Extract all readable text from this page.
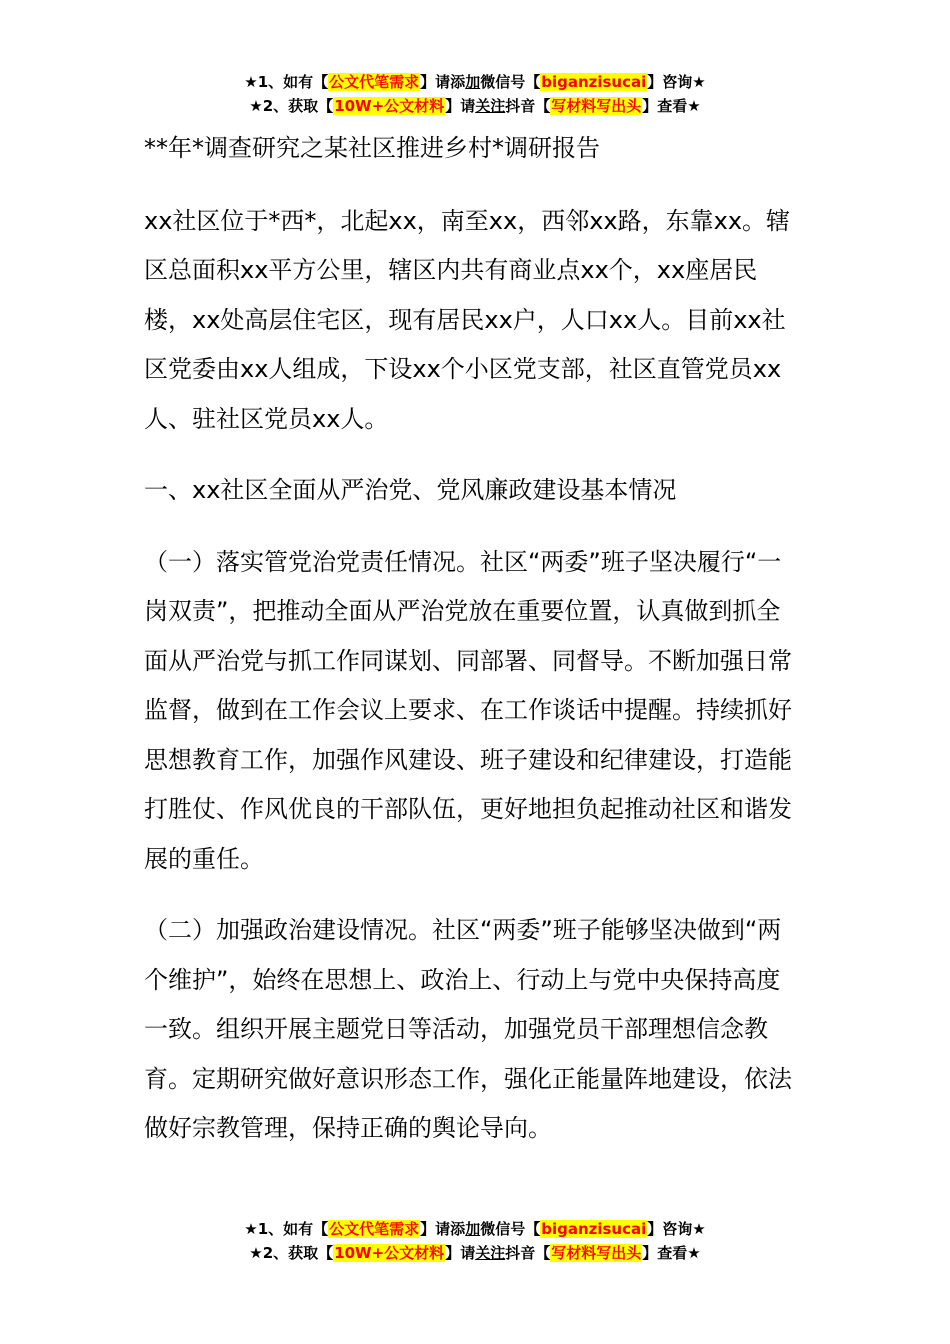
★1、如有【公文代笔需求】请添加微信号【biganzisucai】咨询★
★2、获取【10W+公文材料】请关注抖音【写材料写出头】查看★

**年*调查研究之某社区推进乡村*调研报告

xx社区位于*西*，北起xx，南至xx，西邻xx路，东靠xx。辖区总面积xx平方公里，辖区内共有商业点xx个，xx座居民楼，xx处高层住宅区，现有居民xx户，人口xx人。目前xx社区党委由xx人组成，下设xx个小区党支部，社区直管党员xx人、驻社区党员xx人。

一、xx社区全面从严治党、党风廉政建设基本情况

（一）落实管党治党责任情况。社区“两委”班子坚决履行“一岗双责”，把推动全面从严治党放在重要位置，认真做到抓全面从严治党与抓工作同谋划、同部署、同督导。不断加强日常监督，做到在工作会议上要求、在工作谈话中提醒。持续抓好思想教育工作，加强作风建设、班子建设和纪律建设，打造能打胜仗、作风优良的干部队伍，更好地担负起推动社区和谐发展的重任。

（二）加强政治建设情况。社区“两委”班子能够坚决做到“两个维护”，始终在思想上、政治上、行动上与党中央保持高度一致。组织开展主题党日等活动，加强党员干部理想信念教育。定期研究做好意识形态工作，强化正能量阵地建设，依法做好宗教管理，保持正确的舆论导向。

★1、如有【公文代笔需求】请添加微信号【biganzisucai】咨询★
★2、获取【10W+公文材料】请关注抖音【写材料写出头】查看★
